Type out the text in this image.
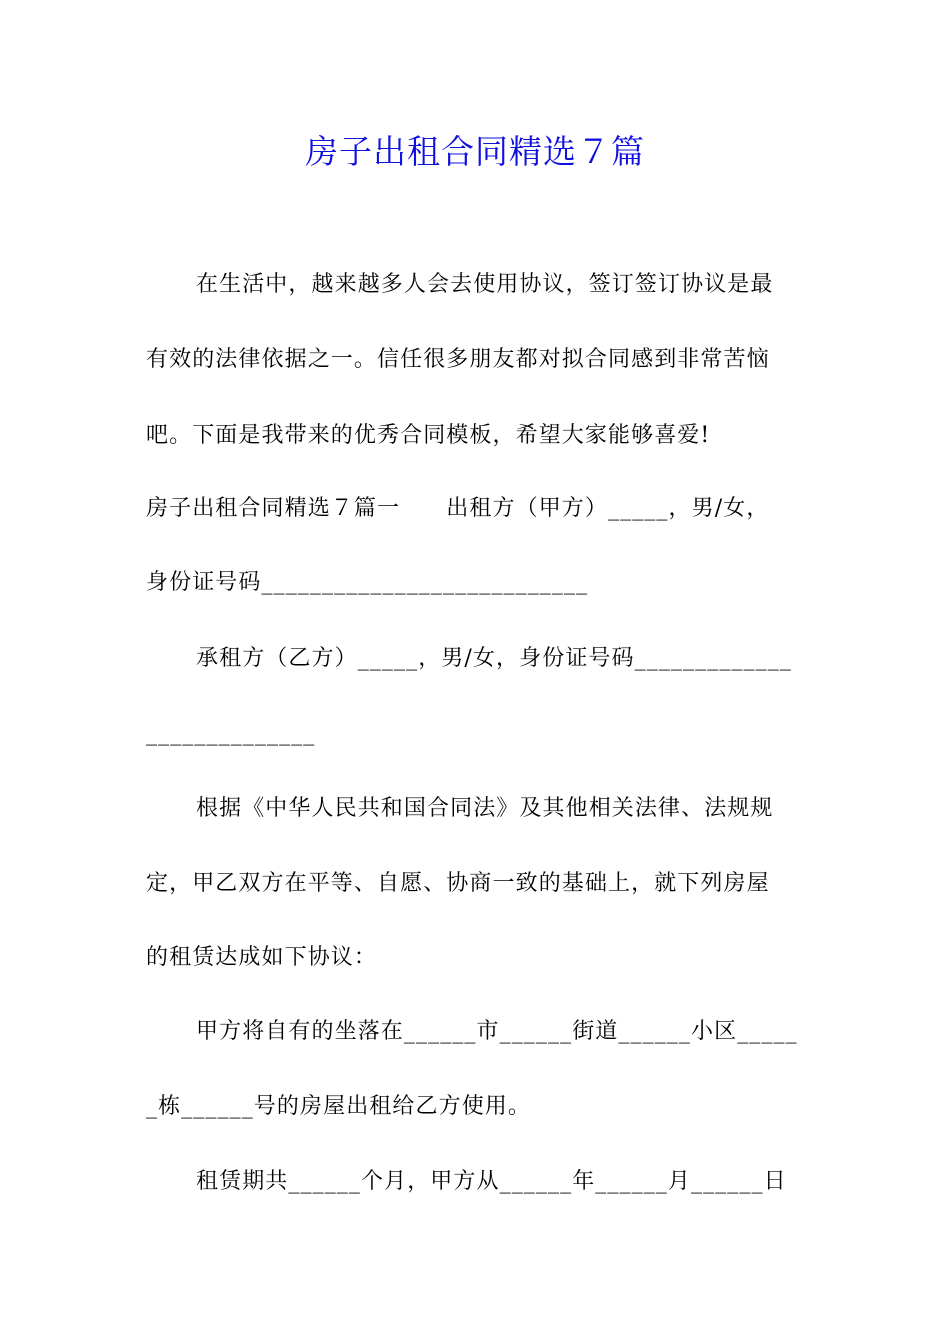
房子出租合同精选７篇
在生活中，越来越多人会去使用协议，签订签订协议是最
有效的法律依据之一。信任很多朋友都对拟合同感到非常苦恼
吧。下面是我带来的优秀合同模板，希望大家能够喜爱!
房子出租合同精选７篇一　　出租方（甲方）_____，男/女，
身份证号码___________________________
承租方（乙方）_____，男/女，身份证号码_____________
______________
根据《中华人民共和国合同法》及其他相关法律、法规规
定，甲乙双方在平等、自愿、协商一致的基础上，就下列房屋
的租赁达成如下协议：
甲方将自有的坐落在______市______街道______小区_____
_栋______号的房屋出租给乙方使用。
租赁期共______个月，甲方从______年______月______日
